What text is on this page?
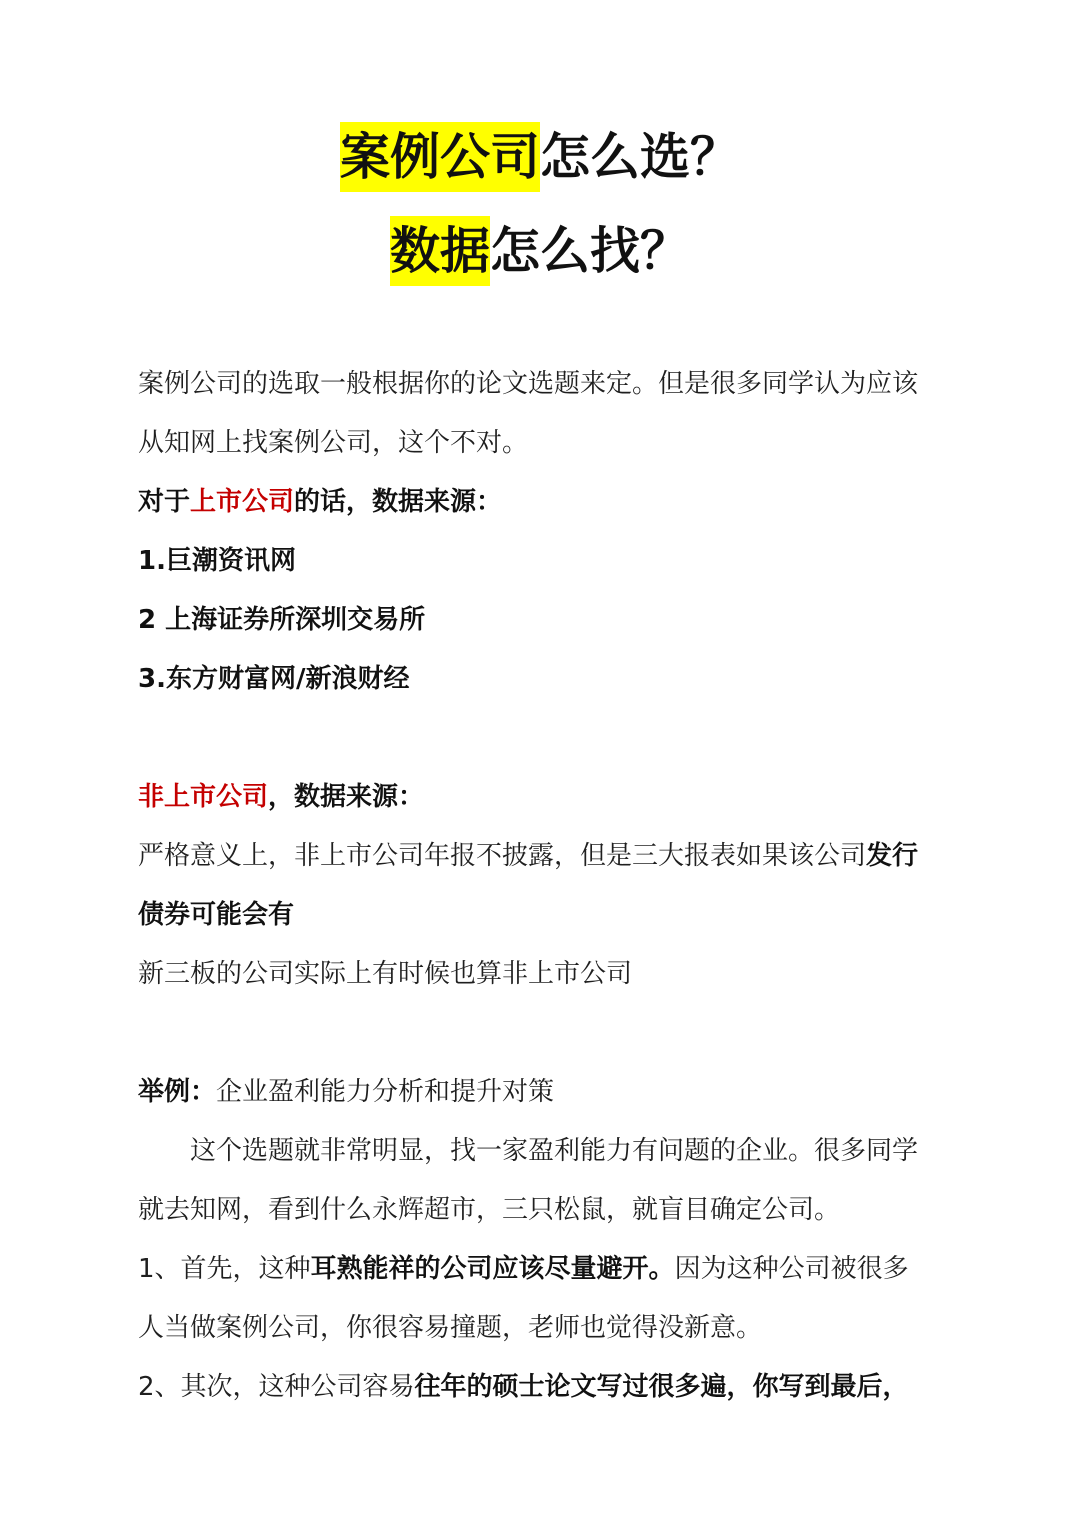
案例公司怎么选？
数据怎么找？
案例公司的选取一般根据你的论文选题来定。但是很多同学认为应该
从知网上找案例公司，这个不对。
对于上市公司的话，数据来源：
1.巨潮资讯网
2 上海证券所深圳交易所
3.东方财富网/新浪财经
非上市公司，数据来源：
严格意义上，非上市公司年报不披露，但是三大报表如果该公司发行
债券可能会有
新三板的公司实际上有时候也算非上市公司
举例：企业盈利能力分析和提升对策
这个选题就非常明显，找一家盈利能力有问题的企业。很多同学
就去知网，看到什么永辉超市，三只松鼠，就盲目确定公司。
1、首先，这种耳熟能祥的公司应该尽量避开。因为这种公司被很多
人当做案例公司，你很容易撞题，老师也觉得没新意。
2、其次，这种公司容易往年的硕士论文写过很多遍，你写到最后，
